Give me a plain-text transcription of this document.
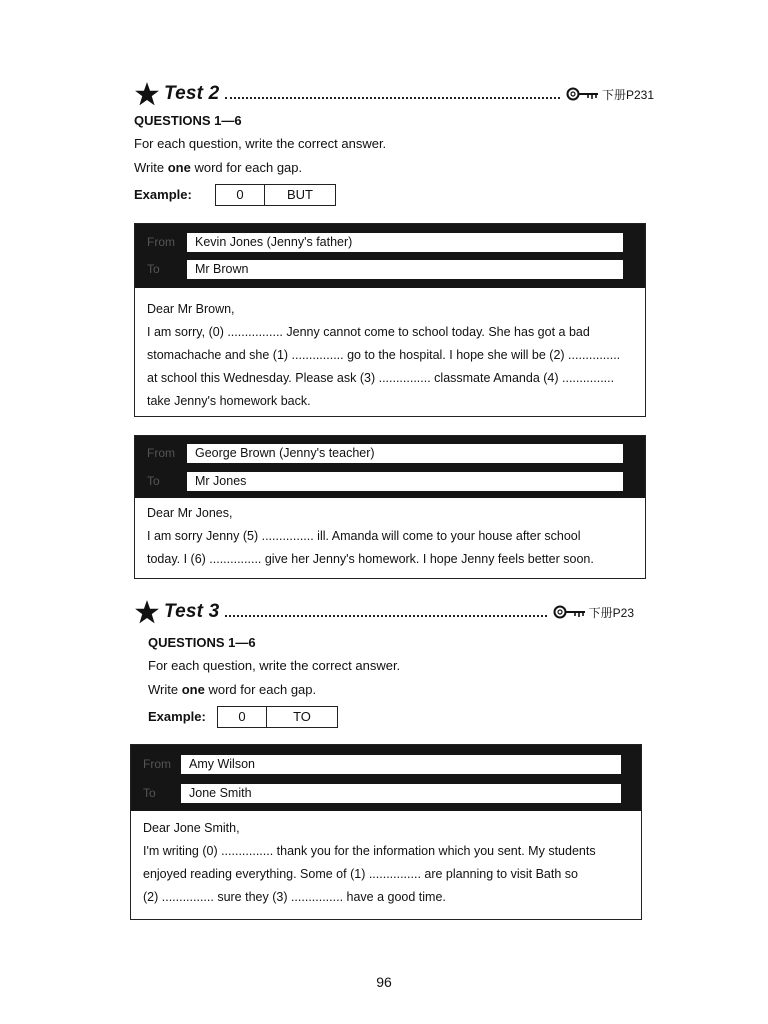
Test 2	下册P231
QUESTIONS 1—6
For each question, write the correct answer.
Write one word for each gap.
Example:	0	BUT
From	Kevin Jones (Jenny's father)
To	Mr Brown
Dear Mr Brown,
I am sorry, (0) ................ Jenny cannot come to school today. She has got a bad
stomachache and she (1) ............... go to the hospital. I hope she will be (2) ...............
at school this Wednesday. Please ask (3) ............... classmate Amanda (4) ...............
take Jenny's homework back.
From	George Brown (Jenny's teacher)
To	Mr Jones
Dear Mr Jones,
I am sorry Jenny (5) ............... ill. Amanda will come to your house after school
today. I (6) ............... give her Jenny's homework. I hope Jenny feels better soon.
Test 3	下册P23
QUESTIONS 1—6
For each question, write the correct answer.
Write one word for each gap.
Example:	0	TO
From	Amy Wilson
To	Jone Smith
Dear Jone Smith,
I'm writing (0) ............... thank you for the information which you sent. My students
enjoyed reading everything. Some of (1) ............... are planning to visit Bath so
(2) ............... sure they (3) ............... have a good time.
96
